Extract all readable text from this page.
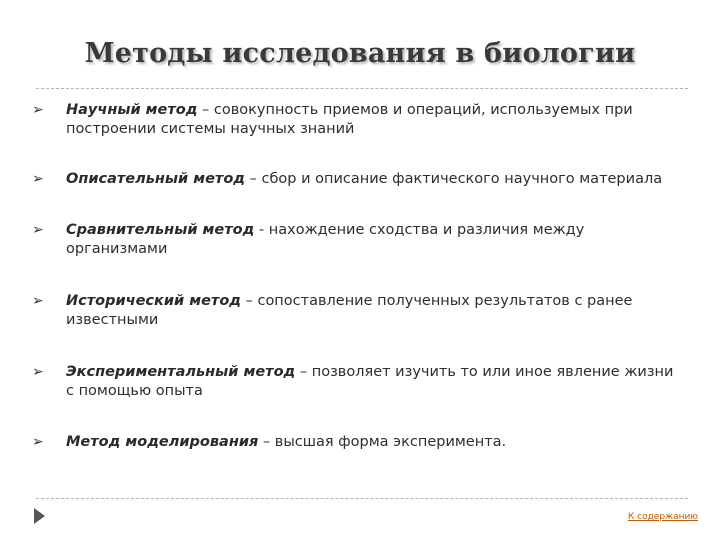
Методы исследования в биологии
➢ Научный метод – совокупность приемов и операций, используемых при построении системы научных знаний
➢ Описательный метод – сбор и описание фактического научного материала
➢ Сравнительный метод - нахождение сходства и различия между организмами
➢ Исторический метод – сопоставление полученных результатов с ранее известными
➢ Экспериментальный метод – позволяет изучить то или иное явление жизни с помощью опыта
➢ Метод моделирования – высшая форма эксперимента.
К содержанию
